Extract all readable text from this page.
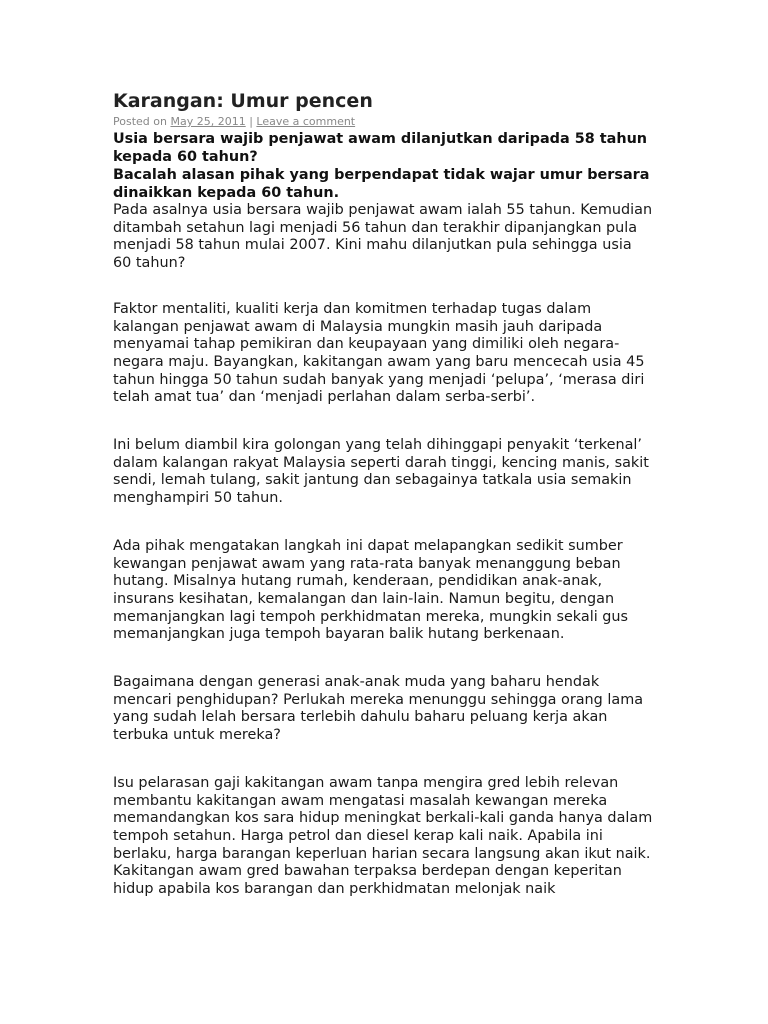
Karangan: Umur pencen
Posted on May 25, 2011 | Leave a comment

Usia bersara wajib penjawat awam dilanjutkan daripada 58 tahun kepada 60 tahun?

Bacalah alasan pihak yang berpendapat tidak wajar umur bersara dinaikkan kepada 60 tahun.

Pada asalnya usia bersara wajib penjawat awam ialah 55 tahun. Kemudian ditambah setahun lagi menjadi 56 tahun dan terakhir dipanjangkan pula menjadi 58 tahun mulai 2007. Kini mahu dilanjutkan pula sehingga usia 60 tahun?

Faktor mentaliti, kualiti kerja dan komitmen terhadap tugas dalam kalangan penjawat awam di Malaysia mungkin masih jauh daripada menyamai tahap pemikiran dan keupayaan yang dimiliki oleh negara-negara maju. Bayangkan, kakitangan awam yang baru mencecah usia 45 tahun hingga 50 tahun sudah banyak yang menjadi ‘pelupa’, ‘merasa diri telah amat tua’ dan ‘menjadi perlahan dalam serba-serbi’.

Ini belum diambil kira golongan yang telah dihinggapi penyakit ‘terkenal’ dalam kalangan rakyat Malaysia seperti darah tinggi, kencing manis, sakit sendi, lemah tulang, sakit jantung dan sebagainya tatkala usia semakin menghampiri 50 tahun.

Ada pihak mengatakan langkah ini dapat melapangkan sedikit sumber kewangan penjawat awam yang rata-rata banyak menanggung beban hutang. Misalnya hutang rumah, kenderaan, pendidikan anak-anak, insurans kesihatan, kemalangan dan lain-lain. Namun begitu, dengan memanjangkan lagi tempoh perkhidmatan mereka, mungkin sekali gus memanjangkan juga tempoh bayaran balik hutang berkenaan.

Bagaimana dengan generasi anak-anak muda yang baharu hendak mencari penghidupan? Perlukah mereka menunggu sehingga orang lama yang sudah lelah bersara terlebih dahulu baharu peluang kerja akan terbuka untuk mereka?

Isu pelarasan gaji kakitangan awam tanpa mengira gred lebih relevan membantu kakitangan awam mengatasi masalah kewangan mereka memandangkan kos sara hidup meningkat berkali-kali ganda hanya dalam tempoh setahun. Harga petrol dan diesel kerap kali naik. Apabila ini berlaku, harga barangan keperluan harian secara langsung akan ikut naik. Kakitangan awam gred bawahan terpaksa berdepan dengan keperitan hidup apabila kos barangan dan perkhidmatan melonjak naik
